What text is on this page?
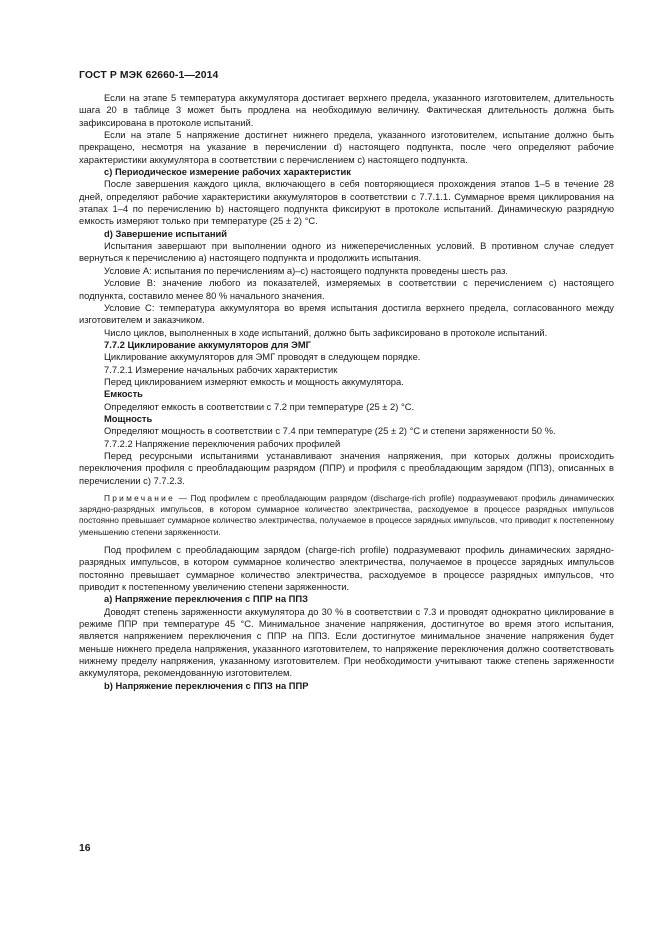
ГОСТ Р МЭК 62660-1—2014

Если на этапе 5 температура аккумулятора достигает верхнего предела, указанного изготовителем, длительность шага 20 в таблице 3 может быть продлена на необходимую величину. Фактическая длительность должна быть зафиксирована в протоколе испытаний.

Если на этапе 5 напряжение достигнет нижнего предела, указанного изготовителем, испытание должно быть прекращено, несмотря на указание в перечислении d) настоящего подпункта, после чего определяют рабочие характеристики аккумулятора в соответствии с перечислением с) настоящего подпункта.

с) Периодическое измерение рабочих характеристик

После завершения каждого цикла, включающего в себя повторяющиеся прохождения этапов 1–5 в течение 28 дней, определяют рабочие характеристики аккумуляторов в соответствии с 7.7.1.1. Суммарное время циклирования на этапах 1–4 по перечислению b) настоящего подпункта фиксируют в протоколе испытаний. Динамическую разрядную емкость измеряют только при температуре (25 ± 2) °С.

d) Завершение испытаний

Испытания завершают при выполнении одного из нижеперечисленных условий. В противном случае следует вернуться к перечислению а) настоящего подпункта и продолжить испытания.

Условие А: испытания по перечислениям а)–с) настоящего подпункта проведены шесть раз.

Условие В: значение любого из показателей, измеряемых в соответствии с перечислением с) настоящего подпункта, составило менее 80 % начального значения.

Условие С: температура аккумулятора во время испытания достигла верхнего предела, согласованного между изготовителем и заказчиком.

Число циклов, выполненных в ходе испытаний, должно быть зафиксировано в протоколе испытаний.

7.7.2 Циклирование аккумуляторов для ЭМГ

Циклирование аккумуляторов для ЭМГ проводят в следующем порядке.

7.7.2.1 Измерение начальных рабочих характеристик

Перед циклированием измеряют емкость и мощность аккумулятора.

Емкость

Определяют емкость в соответствии с 7.2 при температуре (25 ± 2) °С.

Мощность

Определяют мощность в соответствии с 7.4 при температуре (25 ± 2) °С и степени заряженности 50 %.

7.7.2.2 Напряжение переключения рабочих профилей

Перед ресурсными испытаниями устанавливают значения напряжения, при которых должны происходить переключения профиля с преобладающим разрядом (ППР) и профиля с преобладающим зарядом (ППЗ), описанных в перечислении с) 7.7.2.3.

Примечание — Под профилем с преобладающим разрядом (discharge-rich profile) подразумевают профиль динамических зарядно-разрядных импульсов, в котором суммарное количество электричества, расходуемое в процессе разрядных импульсов постоянно превышает суммарное количество электричества, получаемое в процессе зарядных импульсов, что приводит к постепенному уменьшению степени заряженности.

Под профилем с преобладающим зарядом (charge-rich profile) подразумевают профиль динамических зарядно-разрядных импульсов, в котором суммарное количество электричества, получаемое в процессе зарядных импульсов постоянно превышает суммарное количество электричества, расходуемое в процессе разрядных импульсов, что приводит к постепенному увеличению степени заряженности.

а) Напряжение переключения с ППР на ППЗ

Доводят степень заряженности аккумулятора до 30 % в соответствии с 7.3 и проводят однократно циклирование в режиме ППР при температуре 45 °С. Минимальное значение напряжения, достигнутое во время этого испытания, является напряжением переключения с ППР на ППЗ. Если достигнутое минимальное значение напряжения будет меньше нижнего предела напряжения, указанного изготовителем, то напряжение переключения должно соответствовать нижнему пределу напряжения, указанному изготовителем. При необходимости учитывают также степень заряженности аккумулятора, рекомендованную изготовителем.

b) Напряжение переключения с ППЗ на ППР

16
